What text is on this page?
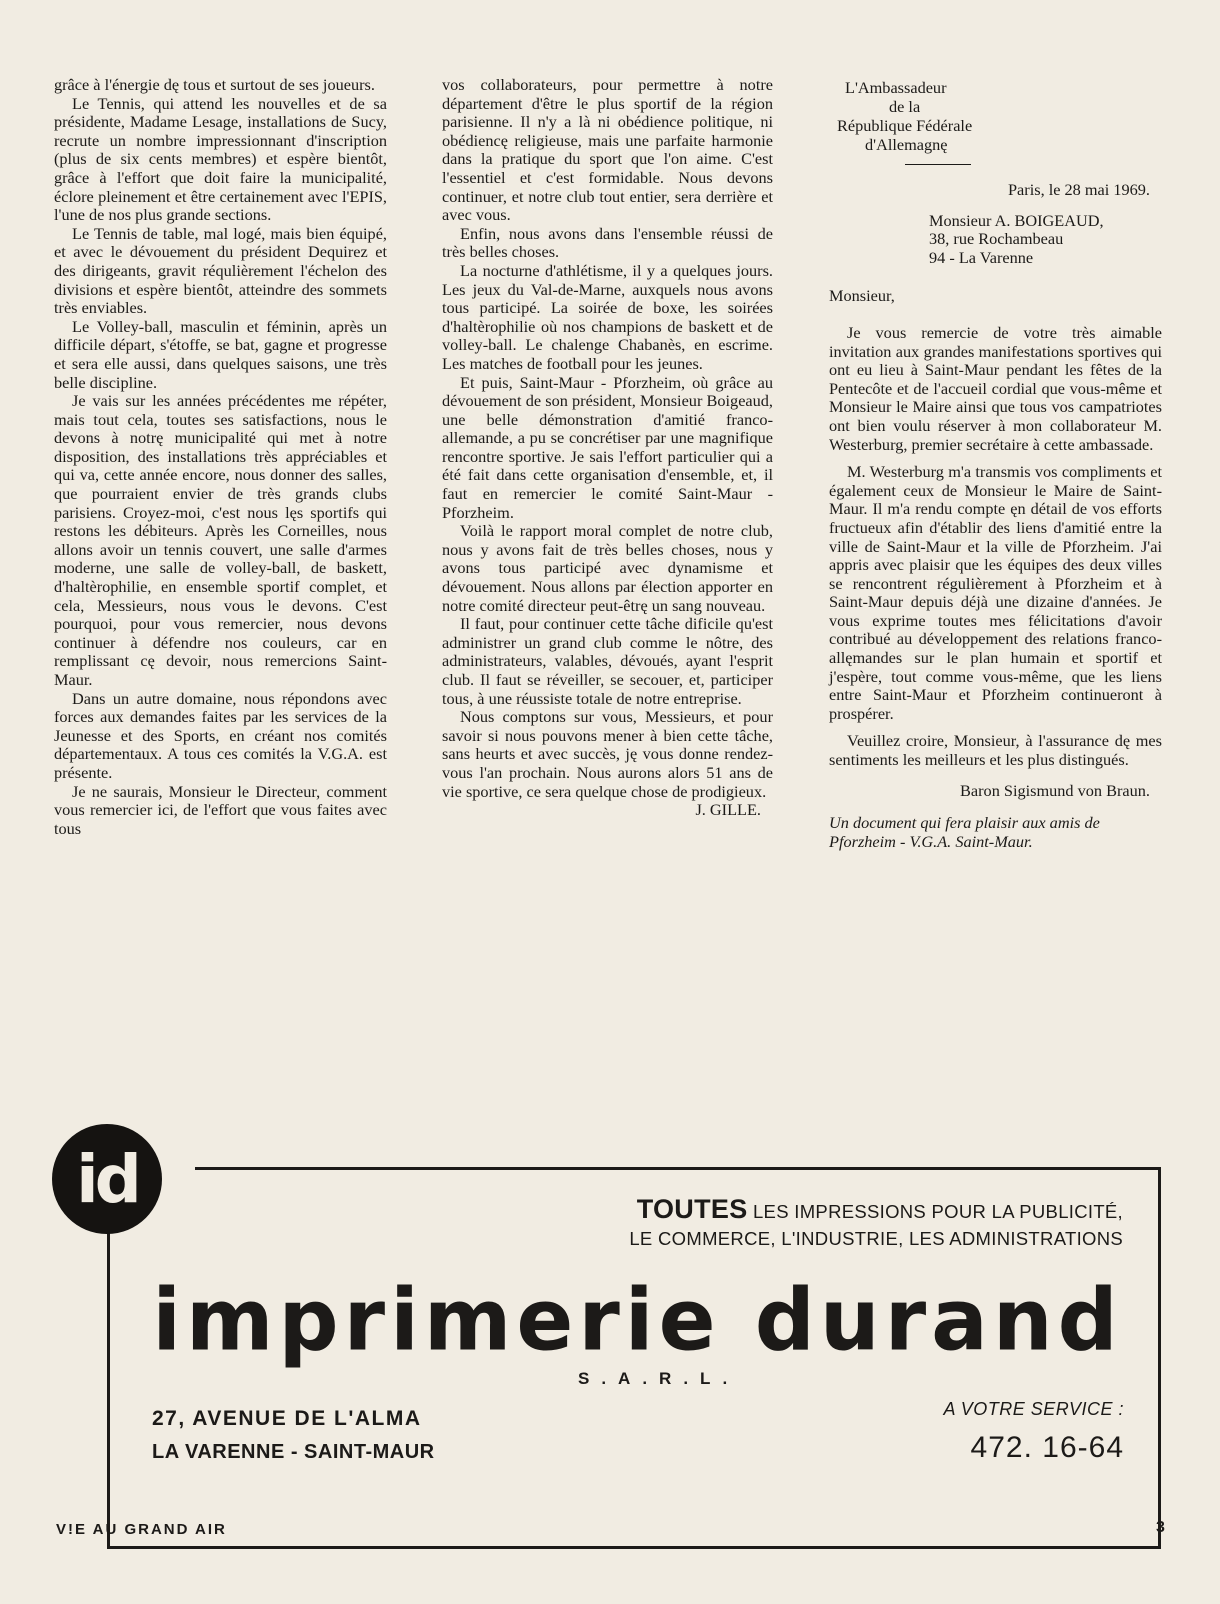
grâce à l'énergie dę tous et surtout de ses joueurs.

Le Tennis, qui attend les nouvelles et de sa présidente, Madame Lesage, installations de Sucy, recrute un nombre impressionnant d'inscription (plus de six cents membres) et espère bientôt, grâce à l'effort que doit faire la municipalité, éclore pleinement et être certainement avec l'EPIS, l'une de nos plus grande sections.

Le Tennis de table, mal logé, mais bien équipé, et avec le dévouement du président Dequirez et des dirigeants, gravit réqulièrement l'échelon des divisions et espère bientôt, atteindre des sommets très enviables.

Le Volley-ball, masculin et féminin, après un difficile départ, s'étoffe, se bat, gagne et progresse et sera elle aussi, dans quelques saisons, une très belle discipline.

Je vais sur les années précédentes me répéter, mais tout cela, toutes ses satisfactions, nous le devons à notrę municipalité qui met à notre disposition, des installations très appréciables et qui va, cette année encore, nous donner des salles, que pourraient envier de très grands clubs parisiens. Croyez-moi, c'est nous lęs sportifs qui restons les débiteurs. Après les Corneilles, nous allons avoir un tennis couvert, une salle d'armes moderne, une salle de volley-ball, de baskett, d'haltèrophilie, en ensemble sportif complet, et cela, Messieurs, nous vous le devons. C'est pourquoi, pour vous remercier, nous devons continuer à défendre nos couleurs, car en remplissant cę devoir, nous remercions Saint-Maur.

Dans un autre domaine, nous répondons avec forces aux demandes faites par les services de la Jeunesse et des Sports, en créant nos comités départementaux. A tous ces comités la V.G.A. est présente.

Je ne saurais, Monsieur le Directeur, comment vous remercier ici, de l'effort que vous faites avec tous

vos collaborateurs, pour permettre à notre département d'être le plus sportif de la région parisienne. Il n'y a là ni obédience politique, ni obédiencę religieuse, mais une parfaite harmonie dans la pratique du sport que l'on aime. C'est l'essentiel et c'est formidable. Nous devons continuer, et notre club tout entier, sera derrière et avec vous.

Enfin, nous avons dans l'ensemble réussi de très belles choses.

La nocturne d'athlétisme, il y a quelques jours. Les jeux du Val-de-Marne, auxquels nous avons tous participé. La soirée de boxe, les soirées d'haltèrophilie où nos champions de baskett et de volley-ball. Le chalenge Chabanès, en escrime. Les matches de football pour les jeunes.

Et puis, Saint-Maur - Pforzheim, où grâce au dévouement de son président, Monsieur Boigeaud, une belle démonstration d'amitié franco-allemande, a pu se concrétiser par une magnifique rencontre sportive. Je sais l'effort particulier qui a été fait dans cette organisation d'ensemble, et, il faut en remercier le comité Saint-Maur - Pforzheim.

Voilà le rapport moral complet de notre club, nous y avons fait de très belles choses, nous y avons tous participé avec dynamisme et dévouement. Nous allons par élection apporter en notre comité directeur peut-êtrę un sang nouveau.

Il faut, pour continuer cette tâche dificile qu'est administrer un grand club comme le nôtre, des administrateurs, valables, dévoués, ayant l'esprit club. Il faut se réveiller, se secouer, et, participer tous, à une réussiste totale de notre entreprise.

Nous comptons sur vous, Messieurs, et pour savoir si nous pouvons mener à bien cette tâche, sans heurts et avec succès, ję vous donne rendez-vous l'an prochain. Nous aurons alors 51 ans de vie sportive, ce sera quelque chose de prodigieux.

J. GILLE.

L'Ambassadeur
de la
République Fédérale
d'Allemagnę

Paris, le 28 mai 1969.

Monsieur A. BOIGEAUD,
38, rue Rochambeau
94 - La Varenne

Monsieur,

Je vous remercie de votre très aimable invitation aux grandes manifestations sportives qui ont eu lieu à Saint-Maur pendant les fêtes de la Pentecôte et de l'accueil cordial que vous-même et Monsieur le Maire ainsi que tous vos campatriotes ont bien voulu réserver à mon collaborateur M. Westerburg, premier secrétaire à cette ambassade.

M. Westerburg m'a transmis vos compliments et également ceux de Monsieur le Maire de Saint-Maur. Il m'a rendu compte ęn détail de vos efforts fructueux afin d'établir des liens d'amitié entre la ville de Saint-Maur et la ville de Pforzheim. J'ai appris avec plaisir que les équipes des deux villes se rencontrent régulièrement à Pforzheim et à Saint-Maur depuis déjà une dizaine d'années. Je vous exprime toutes mes félicitations d'avoir contribué au développement des relations franco-allęmandes sur le plan humain et sportif et j'espère, tout comme vous-même, que les liens entre Saint-Maur et Pforzheim continueront à prospérer.

Veuillez croire, Monsieur, à l'assurance dę mes sentiments les meilleurs et les plus distingués.

Baron Sigismund von Braun.

Un document qui fera plaisir aux amis de Pforzheim - V.G.A. Saint-Maur.

id	TOUTES LES IMPRESSIONS POUR LA PUBLICITÉ,
LE COMMERCE, L'INDUSTRIE, LES ADMINISTRATIONS
imprimerie durand
S.A.R.L.
27, AVENUE DE L'ALMA
LA VARENNE - SAINT-MAUR
A VOTRE SERVICE :
472. 16-64
V!E AU GRAND AIR	3
